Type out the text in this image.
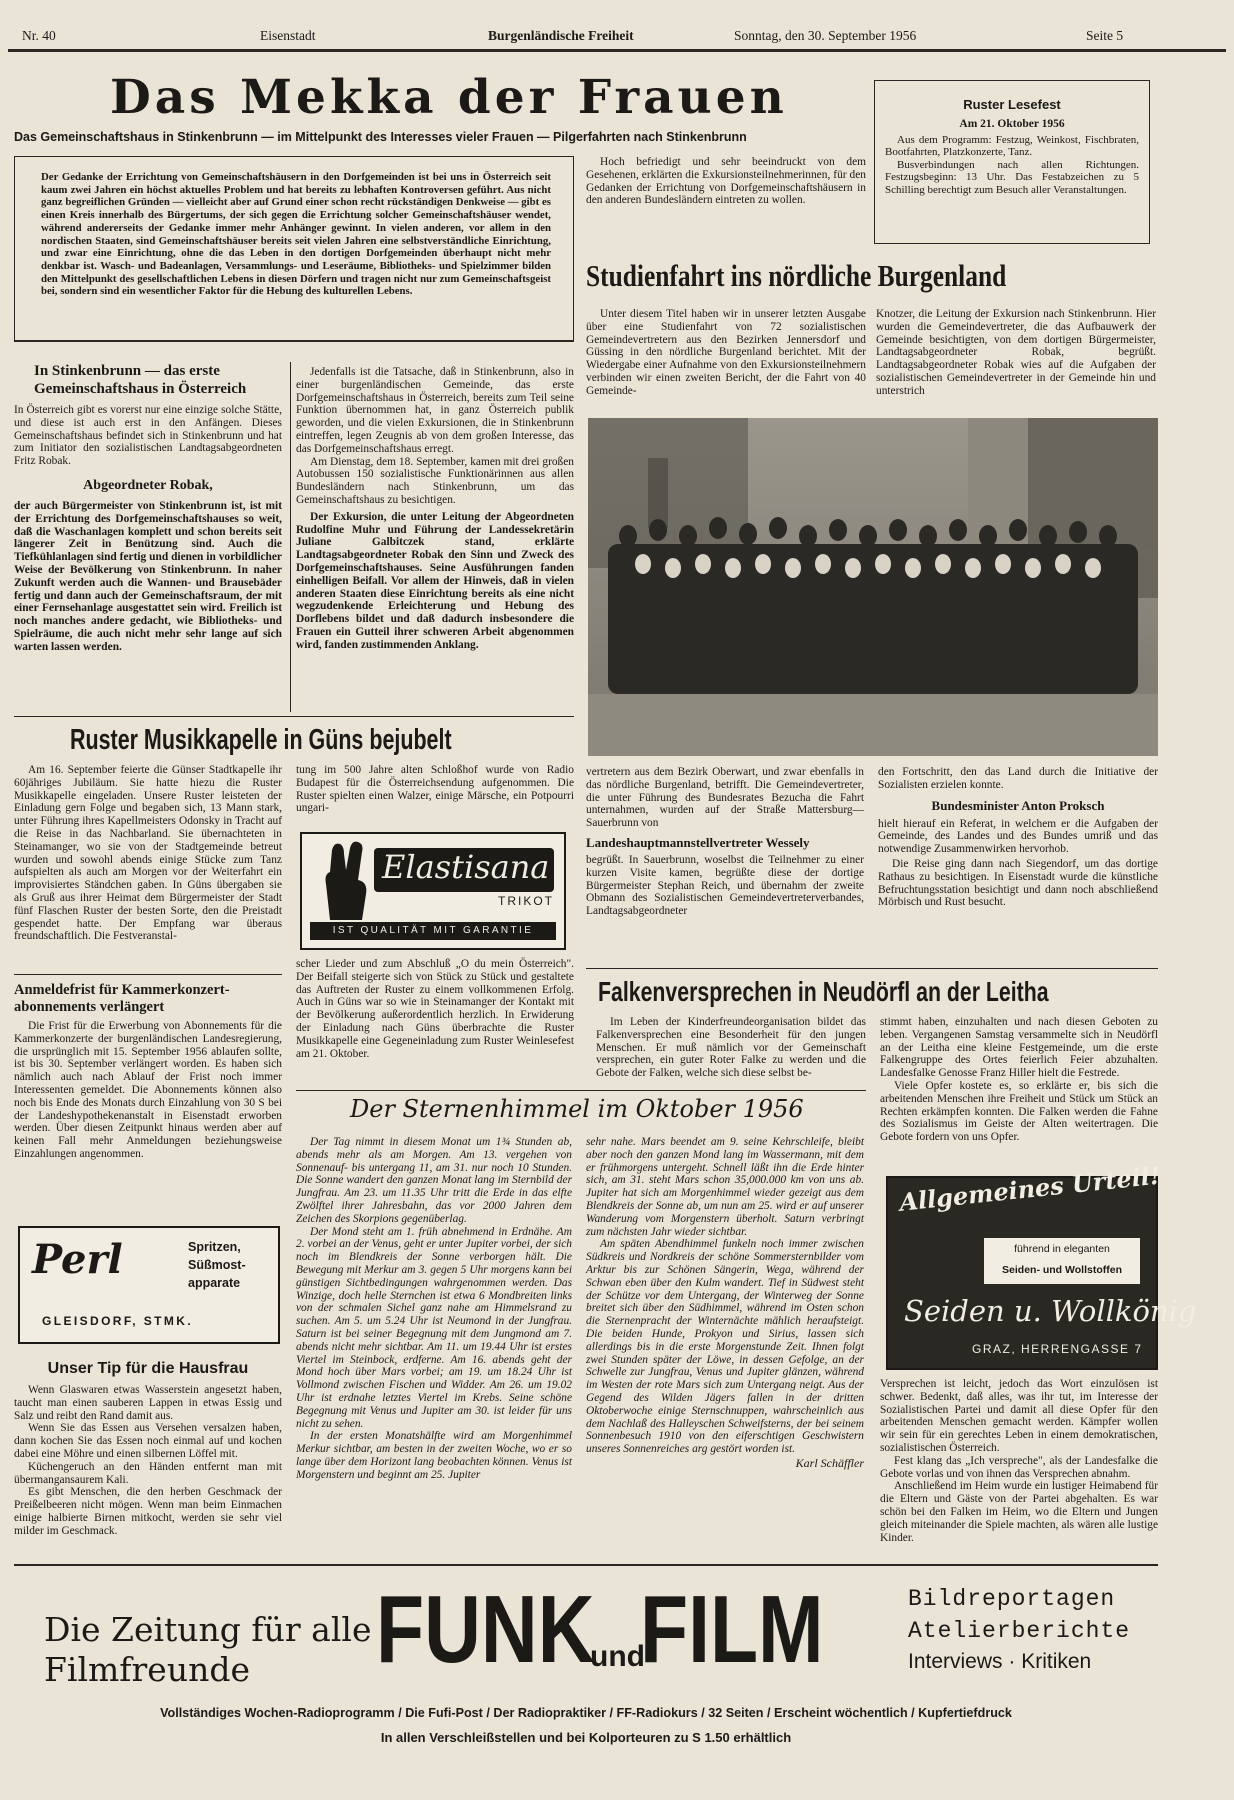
Nr. 40	Eisenstadt	Burgenländische Freiheit	Sonntag, den 30. September 1956	Seite 5
Das Mekka der Frauen
Das Gemeinschaftshaus in Stinkenbrunn — im Mittelpunkt des Interesses vieler Frauen — Pilgerfahrten nach Stinkenbrunn

Der Gedanke der Errichtung von Gemeinschaftshäusern in den Dorfgemeinden ist bei uns in Österreich seit kaum zwei Jahren ein höchst aktuelles Problem und hat bereits zu lebhaften Kontroversen geführt. Aus nicht ganz begreiflichen Gründen — vielleicht aber auf Grund einer schon recht rückständigen Denkweise — gibt es einen Kreis innerhalb des Bürgertums, der sich gegen die Errichtung solcher Gemeinschaftshäuser wendet, während andererseits der Gedanke immer mehr Anhänger gewinnt. In vielen anderen, vor allem in den nordischen Staaten, sind Gemeinschaftshäuser bereits seit vielen Jahren eine selbstverständliche Einrichtung, und zwar eine Einrichtung, ohne die das Leben in den dortigen Dorfgemeinden überhaupt nicht mehr denkbar ist. Wasch- und Badeanlagen, Versammlungs- und Leseräume, Bibliotheks- und Spielzimmer bilden den Mittelpunkt des gesellschaftlichen Lebens in diesen Dörfern und tragen nicht nur zum Gemeinschaftsgeist bei, sondern sind ein wesentlicher Faktor für die Hebung des kulturellen Lebens.

In Stinkenbrunn — das erste Gemeinschaftshaus in Österreich

In Österreich gibt es vorerst nur eine einzige solche Stätte, und diese ist auch erst in den Anfängen. Dieses Gemeinschaftshaus befindet sich in Stinkenbrunn und hat zum Initiator den sozialistischen Landtagsabgeordneten Fritz Robak.

Abgeordneter Robak,

der auch Bürgermeister von Stinkenbrunn ist, ist mit der Errichtung des Dorfgemeinschaftshauses so weit, daß die Waschanlagen komplett und schon bereits seit längerer Zeit in Benützung sind. Auch die Tiefkühlanlagen sind fertig und dienen in vorbildlicher Weise der Bevölkerung von Stinkenbrunn. In naher Zukunft werden auch die Wannen- und Brausebäder fertig und dann auch der Gemeinschaftsraum, der mit einer Fernsehanlage ausgestattet sein wird. Freilich ist noch manches andere gedacht, wie Bibliotheks- und Spielräume, die auch nicht mehr sehr lange auf sich warten lassen werden.

Jedenfalls ist die Tatsache, daß in Stinkenbrunn, also in einer burgenländischen Gemeinde, das erste Dorfgemeinschaftshaus in Österreich, bereits zum Teil seine Funktion übernommen hat, in ganz Österreich publik geworden, und die vielen Exkursionen, die in Stinkenbrunn eintreffen, legen Zeugnis ab von dem großen Interesse, das das Dorfgemeinschaftshaus erregt.

Am Dienstag, dem 18. September, kamen mit drei großen Autobussen 150 sozialistische Funktionärinnen aus allen Bundesländern nach Stinkenbrunn, um das Gemeinschaftshaus zu besichtigen.

Der Exkursion, die unter Leitung der Abgeordneten Rudolfine Muhr und Führung der Landessekretärin Juliane Galbitczek stand, erklärte Landtagsabgeordneter Robak den Sinn und Zweck des Dorfgemeinschaftshauses. Seine Ausführungen fanden einhelligen Beifall. Vor allem der Hinweis, daß in vielen anderen Staaten diese Einrichtung bereits als eine nicht wegzudenkende Erleichterung und Hebung des Dorflebens bildet und daß dadurch insbesondere die Frauen ein Gutteil ihrer schweren Arbeit abgenommen wird, fanden zustimmenden Anklang.

Hoch befriedigt und sehr beeindruckt von dem Gesehenen, erklärten die Exkursionsteilnehmerinnen, für den Gedanken der Errichtung von Dorfgemeinschaftshäusern in den anderen Bundesländern eintreten zu wollen.

Ruster Lesefest
Am 21. Oktober 1956

Aus dem Programm: Festzug, Weinkost, Fischbraten, Bootfahrten, Platzkonzerte, Tanz.

Busverbindungen nach allen Richtungen. Festzugsbeginn: 13 Uhr. Das Festabzeichen zu 5 Schilling berechtigt zum Besuch aller Veranstaltungen.

Studienfahrt ins nördliche Burgenland

Unter diesem Titel haben wir in unserer letzten Ausgabe über eine Studienfahrt von 72 sozialistischen Gemeindevertretern aus den Bezirken Jennersdorf und Güssing in den nördliche Burgenland berichtet. Mit der Wiedergabe einer Aufnahme von den Exkursionsteilnehmern verbinden wir einen zweiten Bericht, der die Fahrt von 40 Gemeinde-

Knotzer, die Leitung der Exkursion nach Stinkenbrunn. Hier wurden die Gemeindevertreter, die das Aufbauwerk der Gemeinde besichtigten, von dem dortigen Bürgermeister, Landtagsabgeordneter Robak, begrüßt. Landtagsabgeordneter Robak wies auf die Aufgaben der sozialistischen Gemeindevertreter in der Gemeinde hin und unterstrich

vertretern aus dem Bezirk Oberwart, und zwar ebenfalls in das nördliche Burgenland, betrifft. Die Gemeindevertreter, die unter Führung des Bundesrates Bezucha die Fahrt unternahmen, wurden auf der Straße Mattersburg—Sauerbrunn von

Landeshauptmannstellvertreter Wessely

begrüßt. In Sauerbrunn, woselbst die Teilnehmer zu einer kurzen Visite kamen, begrüßte diese der dortige Bürgermeister Stephan Reich, und übernahm der zweite Obmann des Sozialistischen Gemeindevertreterverbandes, Landtagsabgeordneter

den Fortschritt, den das Land durch die Initiative der Sozialisten erzielen konnte.

Bundesminister Anton Proksch

hielt hierauf ein Referat, in welchem er die Aufgaben der Gemeinde, des Landes und des Bundes umriß und das notwendige Zusammenwirken hervorhob.

Die Reise ging dann nach Siegendorf, um das dortige Rathaus zu besichtigen. In Eisenstadt wurde die künstliche Befruchtungsstation besichtigt und dann noch abschließend Mörbisch und Rust besucht.

Ruster Musikkapelle in Güns bejubelt

Am 16. September feierte die Günser Stadtkapelle ihr 60jähriges Jubiläum. Sie hatte hiezu die Ruster Musikkapelle eingeladen. Unsere Ruster leisteten der Einladung gern Folge und begaben sich, 13 Mann stark, unter Führung ihres Kapellmeisters Odonsky in Tracht auf die Reise in das Nachbarland. Sie übernachteten in Steinamanger, wo sie von der Stadtgemeinde betreut wurden und sowohl abends einige Stücke zum Tanz aufspielten als auch am Morgen vor der Weiterfahrt ein improvisiertes Ständchen gaben. In Güns übergaben sie als Gruß aus ihrer Heimat dem Bürgermeister der Stadt fünf Flaschen Ruster der besten Sorte, den die Preistadt gespendet hatte. Der Empfang war überaus freundschaftlich. Die Festveranstal-

tung im 500 Jahre alten Schloßhof wurde von Radio Budapest für die Österreichsendung aufgenommen. Die Ruster spielten einen Walzer, einige Märsche, ein Potpourri ungari-

Elastisana
TRIKOT
IST QUALITÄT MIT GARANTIE

scher Lieder und zum Abschluß „O du mein Österreich". Der Beifall steigerte sich von Stück zu Stück und gestaltete das Auftreten der Ruster zu einem vollkommenen Erfolg. Auch in Güns war so wie in Steinamanger der Kontakt mit der Bevölkerung außerordentlich herzlich. In Erwiderung der Einladung nach Güns überbrachte die Ruster Musikkapelle eine Gegeneinladung zum Ruster Weinlesefest am 21. Oktober.

Anmeldefrist für Kammerkonzert-abonnements verlängert

Die Frist für die Erwerbung von Abonnements für die Kammerkonzerte der burgenländischen Landesregierung, die ursprünglich mit 15. September 1956 ablaufen sollte, ist bis 30. September verlängert worden. Es haben sich nämlich auch nach Ablauf der Frist noch immer Interessenten gemeldet. Die Abonnements können also noch bis Ende des Monats durch Einzahlung von 30 S bei der Landeshypothekenanstalt in Eisenstadt erworben werden. Über diesen Zeitpunkt hinaus werden aber auf keinen Fall mehr Anmeldungen beziehungsweise Einzahlungen angenommen.

Perl	Spritzen,
Süßmost-
apparate
GLEISDORF, STMK.
Unser Tip für die Hausfrau

Wenn Glaswaren etwas Wasserstein angesetzt haben, taucht man einen sauberen Lappen in etwas Essig und Salz und reibt den Rand damit aus.

Wenn Sie das Essen aus Versehen versalzen haben, dann kochen Sie das Essen noch einmal auf und kochen dabei eine Möhre und einen silbernen Löffel mit.

Küchengeruch an den Händen entfernt man mit übermangansaurem Kali.

Es gibt Menschen, die den herben Geschmack der Preißelbeeren nicht mögen. Wenn man beim Einmachen einige halbierte Birnen mitkocht, werden sie sehr viel milder im Geschmack.

Falkenversprechen in Neudörfl an der Leitha

Im Leben der Kinderfreundeorganisation bildet das Falkenversprechen eine Besonderheit für den jungen Menschen. Er muß nämlich vor der Gemeinschaft versprechen, ein guter Roter Falke zu werden und die Gebote der Falken, welche sich diese selbst be-

stimmt haben, einzuhalten und nach diesen Geboten zu leben. Vergangenen Samstag versammelte sich in Neudörfl an der Leitha eine kleine Festgemeinde, um die erste Falkengruppe des Ortes feierlich Feier abzuhalten. Landesfalke Genosse Franz Hiller hielt die Festrede.

Viele Opfer kostete es, so erklärte er, bis sich die arbeitenden Menschen ihre Freiheit und Stück um Stück an Rechten erkämpfen konnten. Die Falken werden die Fahne des Sozialismus im Geiste der Alten weitertragen. Die Gebote fordern von uns Opfer.

Der Sternenhimmel im Oktober 1956

Der Tag nimmt in diesem Monat um 1¾ Stunden ab, abends mehr als am Morgen. Am 13. vergehen von Sonnenauf- bis untergang 11, am 31. nur noch 10 Stunden. Die Sonne wandert den ganzen Monat lang im Sternbild der Jungfrau. Am 23. um 11.35 Uhr tritt die Erde in das elfte Zwölftel ihrer Jahresbahn, das vor 2000 Jahren dem Zeichen des Skorpions gegenüberlag.

Der Mond steht am 1. früh abnehmend in Erdnähe. Am 2. vorbei an der Venus, geht er unter Jupiter vorbei, der sich noch im Blendkreis der Sonne verborgen hält. Die Bewegung mit Merkur am 3. gegen 5 Uhr morgens kann bei günstigen Sichtbedingungen wahrgenommen werden. Das Winzige, doch helle Sternchen ist etwa 6 Mondbreiten links von der schmalen Sichel ganz nahe am Himmelsrand zu suchen. Am 5. um 5.24 Uhr ist Neumond in der Jungfrau. Saturn ist bei seiner Begegnung mit dem Jungmond am 7. abends nicht mehr sichtbar. Am 11. um 19.44 Uhr ist erstes Viertel im Steinbock, erdferne. Am 16. abends geht der Mond hoch über Mars vorbei; am 19. um 18.24 Uhr ist Vollmond zwischen Fischen und Widder. Am 26. um 19.02 Uhr ist erdnahe letztes Viertel im Krebs. Seine schöne Begegnung mit Venus und Jupiter am 30. ist leider für uns nicht zu sehen.

In der ersten Monatshälfte wird am Morgenhimmel Merkur sichtbar, am besten in der zweiten Woche, wo er so lange über dem Horizont lang beobachten können. Venus ist Morgenstern und beginnt am 25. Jupiter

sehr nahe. Mars beendet am 9. seine Kehrschleife, bleibt aber noch den ganzen Mond lang im Wassermann, mit dem er frühmorgens untergeht. Schnell läßt ihn die Erde hinter sich, am 31. steht Mars schon 35,000.000 km von uns ab. Jupiter hat sich am Morgenhimmel wieder gezeigt aus dem Blendkreis der Sonne ab, um nun am 25. wird er auf unserer Wanderung vom Morgenstern überholt. Saturn verbringt zum nächsten Jahr wieder sichtbar.

Am späten Abendhimmel funkeln noch immer zwischen Südkreis und Nordkreis der schöne Sommersternbilder vom Arktur bis zur Schönen Sängerin, Wega, während der Schwan eben über den Kulm wandert. Tief in Südwest steht der Schütze vor dem Untergang, der Winterweg der Sonne breitet sich über den Südhimmel, während im Osten schon die Sternenpracht der Winternächte mählich heraufsteigt. Die beiden Hunde, Prokyon und Sirius, lassen sich allerdings bis in die erste Morgenstunde Zeit. Ihnen folgt zwei Stunden später der Löwe, in dessen Gefolge, an der Schwelle zur Jungfrau, Venus und Jupiter glänzen, während im Westen der rote Mars sich zum Untergang neigt. Aus der Gegend des Wilden Jägers fallen in der dritten Oktoberwoche einige Sternschnuppen, wahrscheinlich aus dem Nachlaß des Halleyschen Schweifsterns, der bei seinem Sonnenbesuch 1910 von den eiferschtigen Geschwistern unseres Sonnenreiches arg gestört worden ist.

Karl Schäffler
Allgemeines Urteil!
führend in eleganten
Seiden- und Wollstoffen
Seiden u. Wollkönig
GRAZ, HERRENGASSE 7

Versprechen ist leicht, jedoch das Wort einzulösen ist schwer. Bedenkt, daß alles, was ihr tut, im Interesse der Sozialistischen Partei und damit all diese Opfer für den arbeitenden Menschen gemacht werden. Kämpfer wollen wir sein für ein gerechtes Leben in einem demokratischen, sozialistischen Österreich.

Fest klang das „Ich verspreche", als der Landesfalke die Gebote vorlas und von ihnen das Versprechen abnahm.

Anschließend im Heim wurde ein lustiger Heimabend für die Eltern und Gäste von der Partei abgehalten. Es war schön bei den Falken im Heim, wo die Eltern und Jungen gleich miteinander die Spiele machten, als wären alle lustige Kinder.

Die Zeitung für alle Filmfreunde	FUNK
und
FILM	Bildreportagen
Atelierberichte
Interviews · Kritiken
Vollständiges Wochen-Radioprogramm / Die Fufi-Post / Der Radiopraktiker / FF-Radiokurs / 32 Seiten / Erscheint wöchentlich / Kupfertiefdruck
In allen Verschleißstellen und bei Kolporteuren zu S 1.50 erhältlich
